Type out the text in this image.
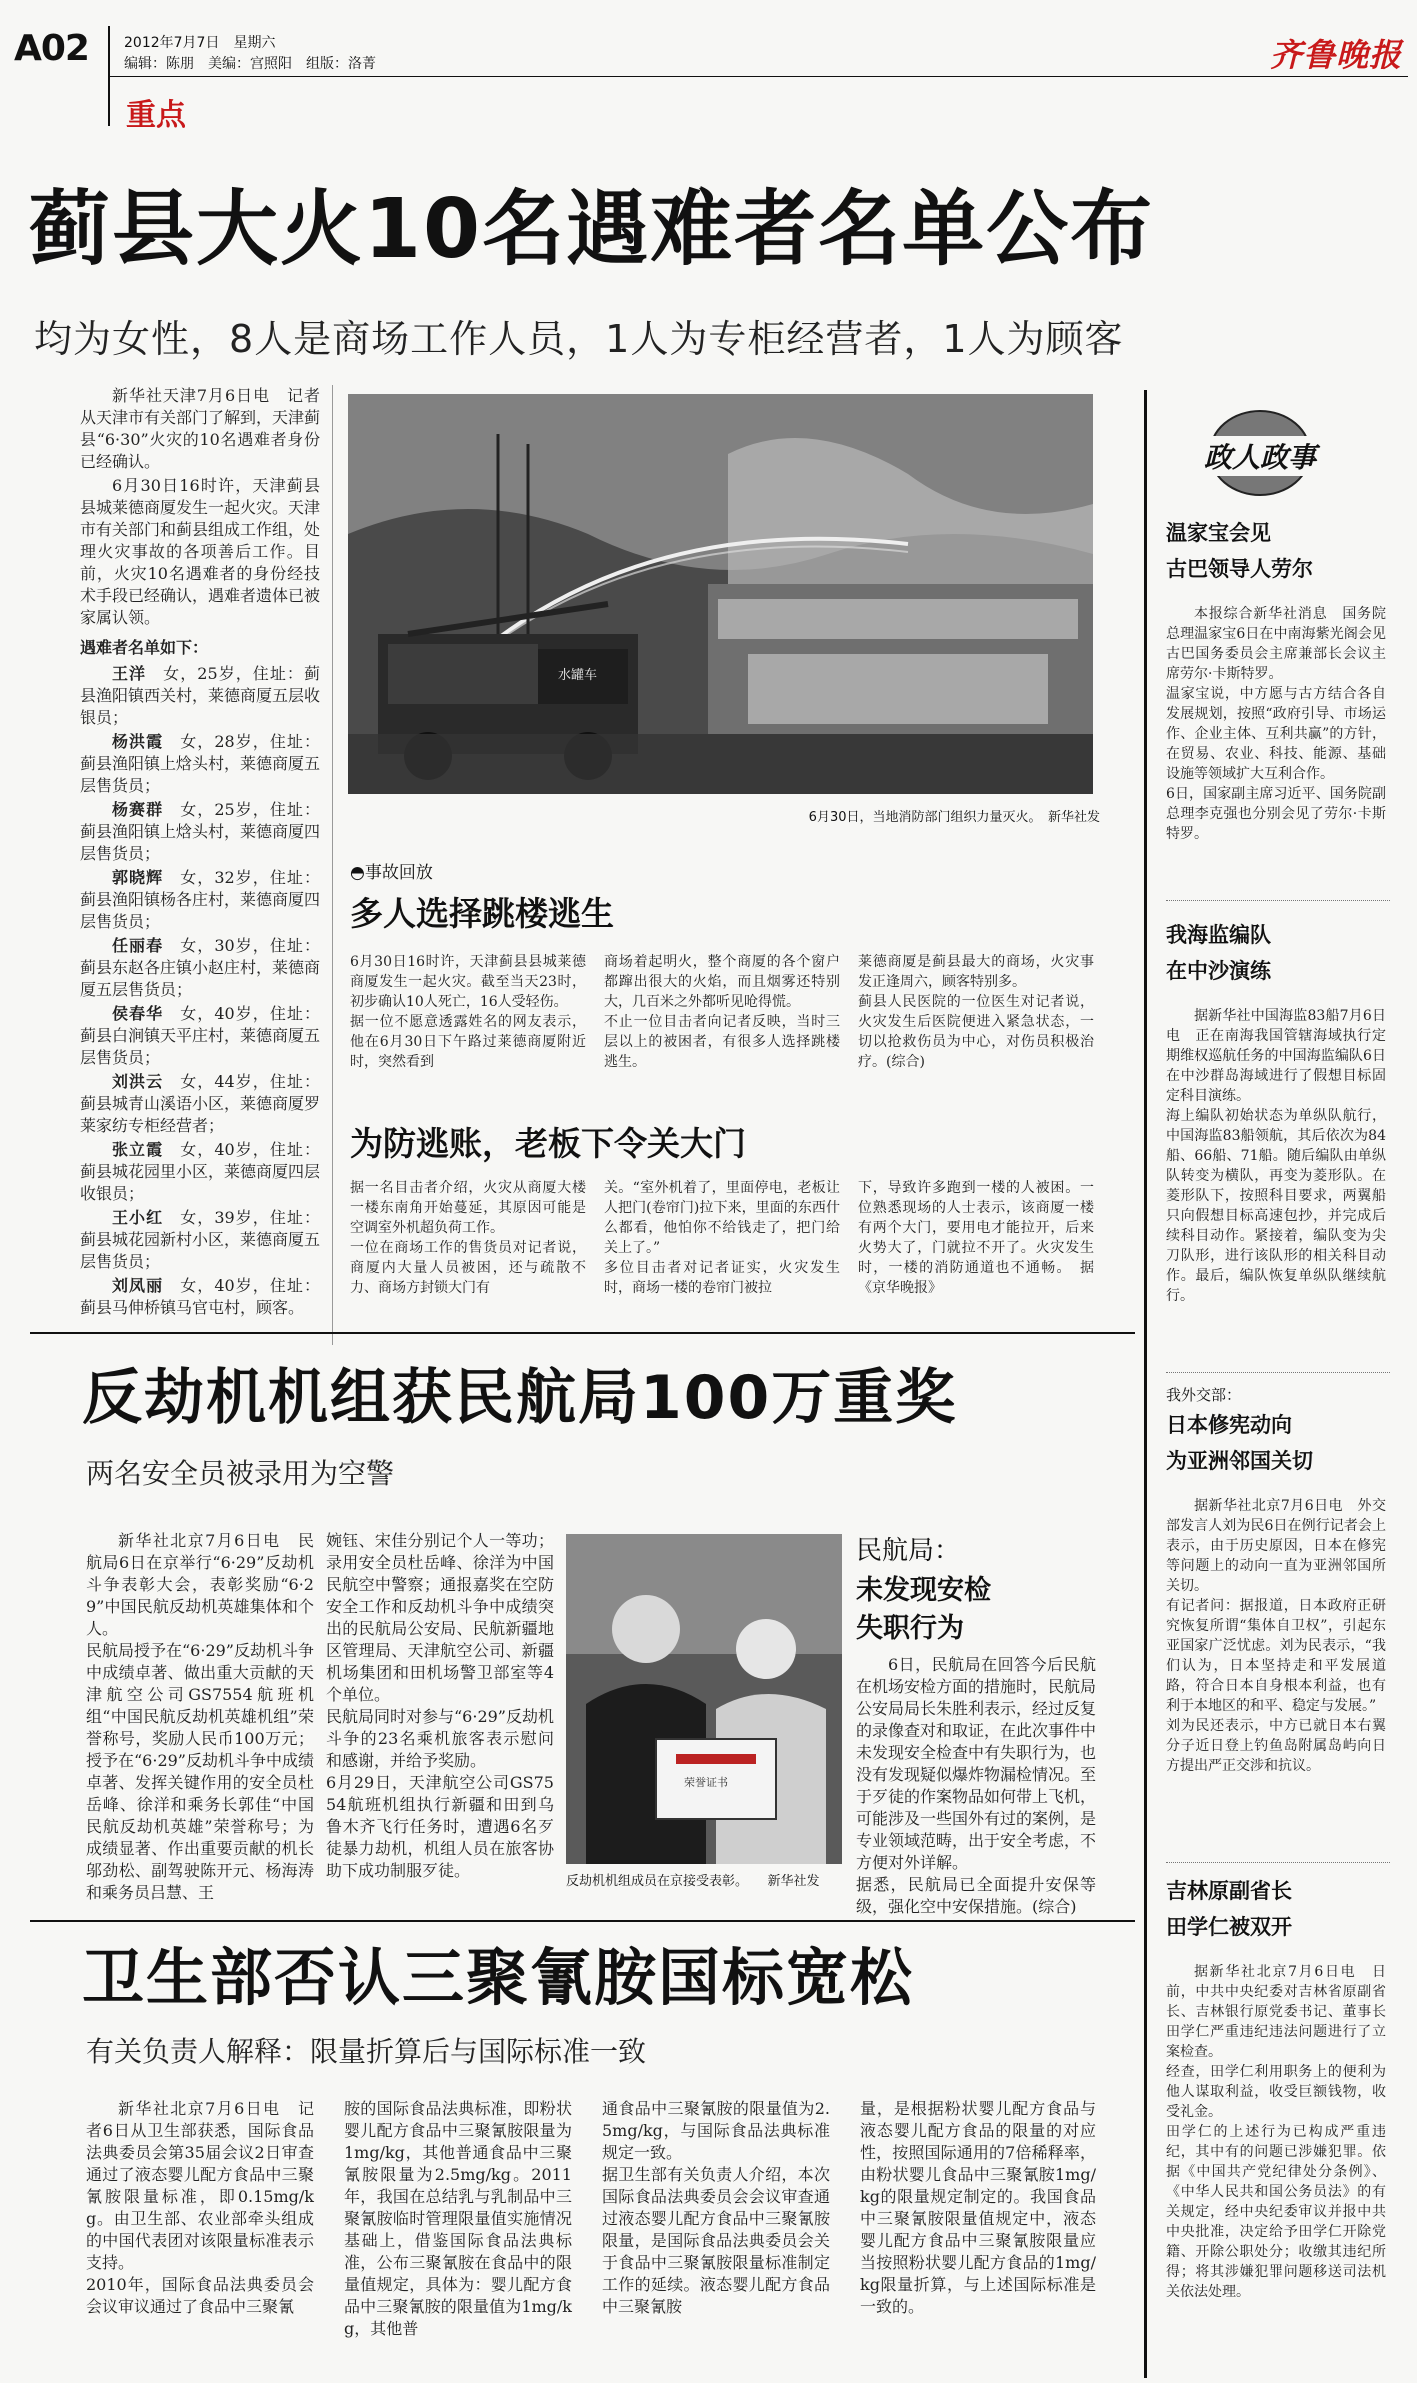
A02	2012年7月7日　星期六
编辑：陈朋　美编：宫照阳　组版：洛菁
重点
齐鲁晚报
蓟县大火10名遇难者名单公布
均为女性，8人是商场工作人员，1人为专柜经营者，1人为顾客

新华社天津7月6日电　记者从天津市有关部门了解到，天津蓟县“6·30”火灾的10名遇难者身份已经确认。

6月30日16时许，天津蓟县县城莱德商厦发生一起火灾。天津市有关部门和蓟县组成工作组，处理火灾事故的各项善后工作。目前，火灾10名遇难者的身份经技术手段已经确认，遇难者遗体已被家属认领。

遇难者名单如下：

王洋　 女，25岁，住址：蓟县渔阳镇西关村，莱德商厦五层收银员；

杨洪霞　 女，28岁，住址：蓟县渔阳镇上焓头村，莱德商厦五层售货员；

杨赛群　 女，25岁，住址：蓟县渔阳镇上焓头村，莱德商厦四层售货员；

郭晓辉　 女，32岁，住址：蓟县渔阳镇杨各庄村，莱德商厦四层售货员；

任丽春　 女，30岁，住址：蓟县东赵各庄镇小赵庄村，莱德商厦五层售货员；

侯春华　 女，40岁，住址：蓟县白涧镇天平庄村，莱德商厦五层售货员；

刘洪云　 女，44岁，住址：蓟县城青山溪语小区，莱德商厦罗莱家纺专柜经营者；

张立霞　 女，40岁，住址：蓟县城花园里小区，莱德商厦四层收银员；

王小红　 女，39岁，住址：蓟县城花园新村小区，莱德商厦五层售货员；

刘凤丽　 女，40岁，住址：蓟县马伸桥镇马官屯村，顾客。

水罐车
6月30日，当地消防部门组织力量灭火。　新华社发
◓事故回放
多人选择跳楼逃生
6月30日16时许，天津蓟县县城莱德商厦发生一起火灾。截至当天23时，初步确认10人死亡，16人受轻伤。
据一位不愿意透露姓名的网友表示，他在6月30日下午路过莱德商厦附近时，突然看到
商场着起明火，整个商厦的各个窗户都蹿出很大的火焰，而且烟雾还特别大，几百米之外都听见呛得慌。
不止一位目击者向记者反映，当时三层以上的被困者，有很多人选择跳楼逃生。
莱德商厦是蓟县最大的商场，火灾事发正逢周六，顾客特别多。
蓟县人民医院的一位医生对记者说，火灾发生后医院便进入紧急状态，一切以抢救伤员为中心，对伤员积极治疗。(综合)
为防逃账，老板下令关大门
据一名目击者介绍，火灾从商厦大楼一楼东南角开始蔓延，其原因可能是空调室外机超负荷工作。
一位在商场工作的售货员对记者说，商厦内大量人员被困，还与疏散不力、商场方封锁大门有
关。“室外机着了，里面停电，老板让人把门(卷帘门)拉下来，里面的东西什么都看，他怕你不给钱走了，把门给关上了。”
多位目击者对记者证实，火灾发生时，商场一楼的卷帘门被拉
下，导致许多跑到一楼的人被困。一位熟悉现场的人士表示，该商厦一楼有两个大门，要用电才能拉开，后来火势大了，门就拉不开了。火灾发生时，一楼的消防通道也不通畅。　据《京华晚报》
反劫机机组获民航局100万重奖
两名安全员被录用为空警
新华社北京7月6日电　民航局6日在京举行“6·29”反劫机斗争表彰大会，表彰奖励“6·29”中国民航反劫机英雄集体和个人。
民航局授予在“6·29”反劫机斗争中成绩卓著、做出重大贡献的天津航空公司GS7554航班机组“中国民航反劫机英雄机组”荣誉称号，奖励人民币100万元；授予在“6·29”反劫机斗争中成绩卓著、发挥关键作用的安全员杜岳峰、徐洋和乘务长郭佳“中国民航反劫机英雄”荣誉称号；为成绩显著、作出重要贡献的机长邬劲松、副驾驶陈开元、杨海涛和乘务员吕慧、王
婉钰、宋佳分别记个人一等功；录用安全员杜岳峰、徐洋为中国民航空中警察；通报嘉奖在空防安全工作和反劫机斗争中成绩突出的民航局公安局、民航新疆地区管理局、天津航空公司、新疆机场集团和田机场警卫部室等4个单位。
民航局同时对参与“6·29”反劫机斗争的23名乘机旅客表示慰问和感谢，并给予奖励。
6月29日，天津航空公司GS7554航班机组执行新疆和田到乌鲁木齐飞行任务时，遭遇6名歹徒暴力劫机，机组人员在旅客协助下成功制服歹徒。
荣誉证书
反劫机机组成员在京接受表彰。　　新华社发
民航局：
未发现安检
失职行为
6日，民航局在回答今后民航在机场安检方面的措施时，民航局公安局局长朱胜利表示，经过反复的录像查对和取证，在此次事件中未发现安全检查中有失职行为，也没有发现疑似爆炸物漏检情况。至于歹徒的作案物品如何带上飞机，可能涉及一些国外有过的案例，是专业领域范畴，出于安全考虑，不方便对外详解。
据悉，民航局已全面提升安保等级，强化空中安保措施。(综合)
卫生部否认三聚氰胺国标宽松
有关负责人解释：限量折算后与国际标准一致
新华社北京7月6日电　记者6日从卫生部获悉，国际食品法典委员会第35届会议2日审查通过了液态婴儿配方食品中三聚氰胺限量标准，即0.15mg/kg。由卫生部、农业部牵头组成的中国代表团对该限量标准表示支持。
2010年，国际食品法典委员会会议审议通过了食品中三聚氰
胺的国际食品法典标准，即粉状婴儿配方食品中三聚氰胺限量为1mg/kg，其他普通食品中三聚氰胺限量为2.5mg/kg。2011年，我国在总结乳与乳制品中三聚氰胺临时管理限量值实施情况基础上，借鉴国际食品法典标准，公布三聚氰胺在食品中的限量值规定，具体为：婴儿配方食品中三聚氰胺的限量值为1mg/kg，其他普
通食品中三聚氰胺的限量值为2.5mg/kg，与国际食品法典标准规定一致。
据卫生部有关负责人介绍，本次国际食品法典委员会会议审查通过液态婴儿配方食品中三聚氰胺限量，是国际食品法典委员会关于食品中三聚氰胺限量标准制定工作的延续。液态婴儿配方食品中三聚氰胺
量，是根据粉状婴儿配方食品与液态婴儿配方食品的限量的对应性，按照国际通用的7倍稀释率，由粉状婴儿食品中三聚氰胺1mg/kg的限量规定制定的。我国食品中三聚氰胺限量值规定中，液态婴儿配方食品中三聚氰胺限量应当按照粉状婴儿配方食品的1mg/kg限量折算，与上述国际标准是一致的。
政人政事
温家宝会见
古巴领导人劳尔
本报综合新华社消息　国务院总理温家宝6日在中南海紫光阁会见古巴国务委员会主席兼部长会议主席劳尔·卡斯特罗。
温家宝说，中方愿与古方结合各自发展规划，按照“政府引导、市场运作、企业主体、互利共赢”的方针，在贸易、农业、科技、能源、基础设施等领域扩大互利合作。
6日，国家副主席习近平、国务院副总理李克强也分别会见了劳尔·卡斯特罗。
我海监编队
在中沙演练
据新华社中国海监83船7月6日电　正在南海我国管辖海域执行定期维权巡航任务的中国海监编队6日在中沙群岛海域进行了假想目标固定科目演练。
海上编队初始状态为单纵队航行，中国海监83船领航，其后依次为84船、66船、71船。随后编队由单纵队转变为横队，再变为菱形队。在菱形队下，按照科目要求，两翼船只向假想目标高速包抄，并完成后续科目动作。紧接着，编队变为尖刀队形，进行该队形的相关科目动作。最后，编队恢复单纵队继续航行。
我外交部：
日本修宪动向
为亚洲邻国关切
据新华社北京7月6日电　外交部发言人刘为民6日在例行记者会上表示，由于历史原因，日本在修宪等问题上的动向一直为亚洲邻国所关切。
有记者问：据报道，日本政府正研究恢复所谓“集体自卫权”，引起东亚国家广泛忧虑。刘为民表示，“我们认为，日本坚持走和平发展道路，符合日本自身根本利益，也有利于本地区的和平、稳定与发展。”
刘为民还表示，中方已就日本右翼分子近日登上钓鱼岛附属岛屿向日方提出严正交涉和抗议。
吉林原副省长
田学仁被双开
据新华社北京7月6日电　日前，中共中央纪委对吉林省原副省长、吉林银行原党委书记、董事长田学仁严重违纪违法问题进行了立案检查。
经查，田学仁利用职务上的便利为他人谋取利益，收受巨额钱物，收受礼金。
田学仁的上述行为已构成严重违纪，其中有的问题已涉嫌犯罪。依据《中国共产党纪律处分条例》、《中华人民共和国公务员法》的有关规定，经中央纪委审议并报中共中央批准，决定给予田学仁开除党籍、开除公职处分；收缴其违纪所得；将其涉嫌犯罪问题移送司法机关依法处理。
